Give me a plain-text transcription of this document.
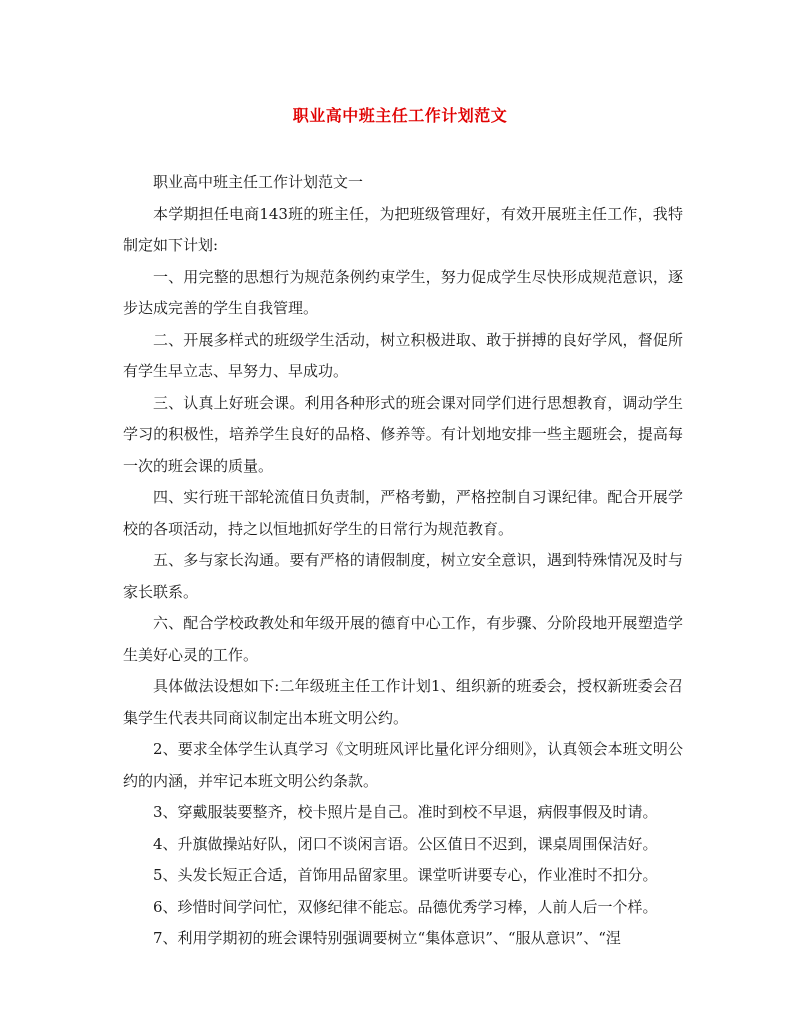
职业高中班主任工作计划范文

职业高中班主任工作计划范文一

本学期担任电商143班的班主任，为把班级管理好，有效开展班主任工作，我特制定如下计划:

一、用完整的思想行为规范条例约束学生，努力促成学生尽快形成规范意识，逐步达成完善的学生自我管理。

二、开展多样式的班级学生活动，树立积极进取、敢于拼搏的良好学风，督促所有学生早立志、早努力、早成功。

三、认真上好班会课。利用各种形式的班会课对同学们进行思想教育，调动学生学习的积极性，培养学生良好的品格、修养等。有计划地安排一些主题班会，提高每一次的班会课的质量。

四、实行班干部轮流值日负责制，严格考勤，严格控制自习课纪律。配合开展学校的各项活动，持之以恒地抓好学生的日常行为规范教育。

五、多与家长沟通。要有严格的请假制度，树立安全意识，遇到特殊情况及时与家长联系。

六、配合学校政教处和年级开展的德育中心工作，有步骤、分阶段地开展塑造学生美好心灵的工作。

具体做法设想如下:二年级班主任工作计划1、组织新的班委会，授权新班委会召集学生代表共同商议制定出本班文明公约。

2、要求全体学生认真学习《文明班风评比量化评分细则》，认真领会本班文明公约的内涵，并牢记本班文明公约条款。

3、穿戴服装要整齐，校卡照片是自己。准时到校不早退，病假事假及时请。

4、升旗做操站好队，闭口不谈闲言语。公区值日不迟到，课桌周围保洁好。

5、头发长短正合适，首饰用品留家里。课堂听讲要专心，作业准时不扣分。

6、珍惜时间学问忙，双修纪律不能忘。品德优秀学习棒，人前人后一个样。

7、利用学期初的班会课特别强调要树立“集体意识”、“服从意识”、“涅
